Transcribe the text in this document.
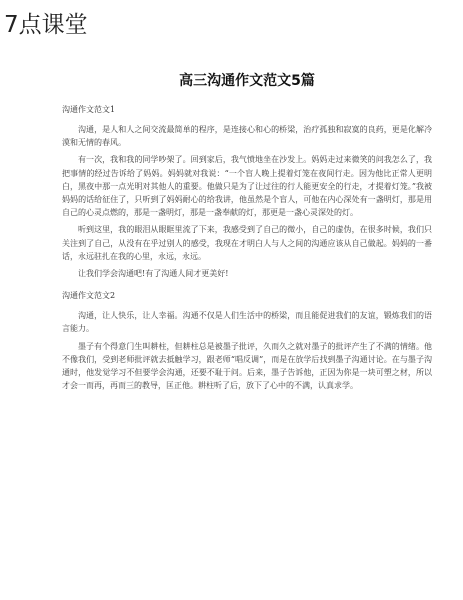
7点课堂
高三沟通作文范文5篇
沟通作文范文1

沟通，是人和人之间交流最简单的程序，是连接心和心的桥梁，治疗孤独和寂寞的良药，更是化解冷漠和无情的春风。

有一次，我和我的同学吵架了。回到家后，我气愤地坐在沙发上。妈妈走过来微笑的问我怎么了，我把事情的经过告诉给了妈妈。妈妈就对我说：“一个盲人晚上提着灯笼在夜间行走。因为他比正常人更明白，黑夜中那一点光明对其他人的重要。他做只是为了让过往的行人能更安全的行走，才提着灯笼。”我被妈妈的话给征住了，只听到了妈妈耐心的给我讲，他虽然是个盲人，可他在内心深处有一盏明灯，那是用自己的心灵点燃的，那是一盏明灯，那是一盏奉献的灯，那更是一盏心灵深处的灯。

听到这里，我的眼泪从眼眶里流了下来，我感受到了自己的微小，自己的虚伪，在很多时候，我们只关注到了自己，从没有在乎过别人的感受，我现在才明白人与人之间的沟通应该从自己做起。妈妈的一番话，永远驻扎在我的心里，永远，永远。

让我们学会沟通吧!有了沟通人间才更美好!

沟通作文范文2

沟通，让人快乐，让人幸福。沟通不仅是人们生活中的桥梁，而且能促进我们的友谊，锻炼我们的语言能力。

墨子有个得意门生叫耕柱，但耕柱总是被墨子批评，久而久之就对墨子的批评产生了不满的情绪。他不像我们，受到老师批评就去抵触学习，跟老师“唱反调”，而是在放学后找到墨子沟通讨论。在与墨子沟通时，他发觉学习不但要学会沟通，还要不耻于问。后来，墨子告诉他，正因为你是一块可塑之材，所以才会一而再，再而三的教导，匡正他。耕柱听了后，放下了心中的不满，认真求学。
